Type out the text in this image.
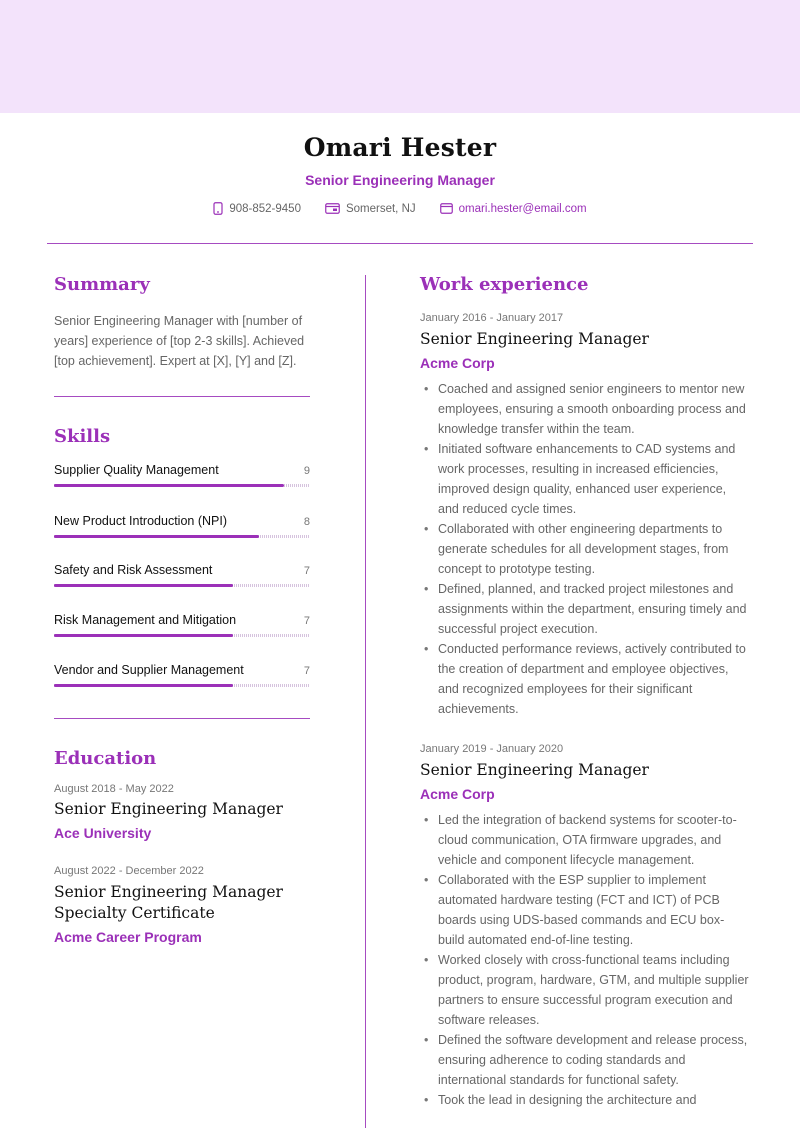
Omari Hester
Senior Engineering Manager
908-852-9450	Somerset, NJ	omari.hester@email.com
Summary

Senior Engineering Manager with [number of years] experience of [top 2-3 skills]. Achieved [top achievement]. Expert at [X], [Y] and [Z].

Skills
Supplier Quality Management	9
New Product Introduction (NPI)	8
Safety and Risk Assessment	7
Risk Management and Mitigation	7
Vendor and Supplier Management	7
Education
August 2018 - May 2022
Senior Engineering Manager
Ace University
August 2022 - December 2022
Senior Engineering Manager
Specialty Certificate
Acme Career Program
Work experience
January 2016 - January 2017
Senior Engineering Manager
Acme Corp
• Coached and assigned senior engineers to mentor new employees, ensuring a smooth onboarding process and knowledge transfer within the team.
• Initiated software enhancements to CAD systems and work processes, resulting in increased efficiencies, improved design quality, enhanced user experience, and reduced cycle times.
• Collaborated with other engineering departments to generate schedules for all development stages, from concept to prototype testing.
• Defined, planned, and tracked project milestones and assignments within the department, ensuring timely and successful project execution.
• Conducted performance reviews, actively contributed to the creation of department and employee objectives, and recognized employees for their significant achievements.
January 2019 - January 2020
Senior Engineering Manager
Acme Corp
• Led the integration of backend systems for scooter-to-cloud communication, OTA firmware upgrades, and vehicle and component lifecycle management.
• Collaborated with the ESP supplier to implement automated hardware testing (FCT and ICT) of PCB boards using UDS-based commands and ECU box-build automated end-of-line testing.
• Worked closely with cross-functional teams including product, program, hardware, GTM, and multiple supplier partners to ensure successful program execution and software releases.
• Defined the software development and release process, ensuring adherence to coding standards and international standards for functional safety.
• Took the lead in designing the architecture and
